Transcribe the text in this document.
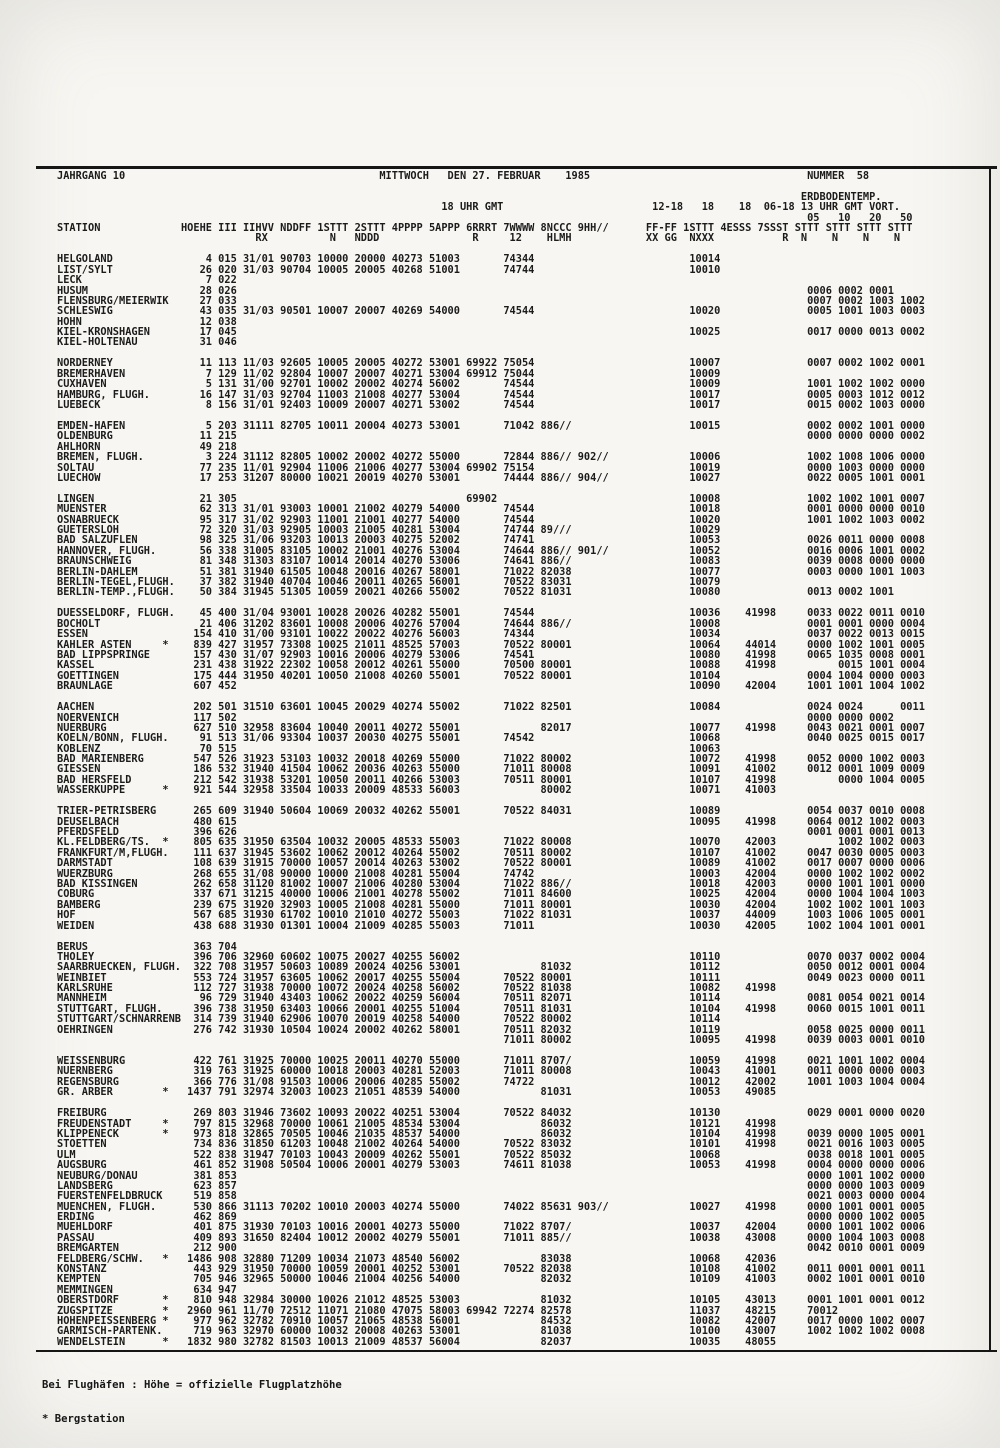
JAHRGANG 10                                         MITTWOCH   DEN 27. FEBRUAR    1985                                   NUMMER  58

ERDBODENTEMP.
18 UHR GMT                        12-18   18    18  06-18 13 UHR GMT VORT.
05   10   20   50
STATION             HOEHE III IIHVV NDDFF 1STTT 2STTT 4PPPP 5APPP 6RRRT 7WWWW 8NCCC 9HH//      FF-FF 1STTT 4ESSS 7SSST STTT STTT STTT STTT
RX          N   NDDD               R     12    HLMH            XX GG  NXXX           R  N    N    N    N
HELGOLAND               4 015 31/01 90703 10000 20000 40273 51003       74344                         10014
LIST/SYLT              26 020 31/03 90704 10005 20005 40268 51001       74744                         10010
LECK                    7 022
HUSUM                  28 026                                                                                            0006 0002 0001
FLENSBURG/MEIERWIK     27 033                                                                                            0007 0002 1003 1002
SCHLESWIG              43 035 31/03 90501 10007 20007 40269 54000       74544                         10020              0005 1001 1003 0003
HOHN                   12 038
KIEL-KRONSHAGEN        17 045                                                                         10025              0017 0000 0013 0002
KIEL-HOLTENAU          31 046
NORDERNEY              11 113 11/03 92605 10005 20005 40272 53001 69922 75054                         10007              0007 0002 1002 0001
BREMERHAVEN             7 129 11/02 92804 10007 20007 40271 53004 69912 75044                         10009
CUXHAVEN                5 131 31/00 92701 10002 20002 40274 56002       74544                         10009              1001 1002 1002 0000
HAMBURG, FLUGH.        16 147 31/03 92704 11003 21008 40277 53004       74544                         10017              0005 0003 1012 0012
LUEBECK                 8 156 31/01 92403 10009 20007 40271 53002       74544                         10017              0015 0002 1003 0000
EMDEN-HAFEN             5 203 31111 82705 10011 20004 40273 53001       71042 886//                   10015              0002 0002 1001 0000
OLDENBURG              11 215                                                                                            0000 0000 0000 0002
AHLHORN                49 218
BREMEN, FLUGH.          3 224 31112 82805 10002 20002 40272 55000       72844 886// 902//             10006              1002 1008 1006 0000
SOLTAU                 77 235 11/01 92904 11006 21006 40277 53004 69902 75154                         10019              0000 1003 0000 0000
LUECHOW                17 253 31207 80000 10021 20019 40270 53001       74444 886// 904//             10027              0022 0005 1001 0001
LINGEN                 21 305                                     69902                               10008              1002 1002 1001 0007
MUENSTER               62 313 31/01 93003 10001 21002 40279 54000       74544                         10018              0001 0000 0000 0010
OSNABRUECK             95 317 31/02 92903 11001 21001 40277 54000       74544                         10020              1001 1002 1003 0002
GUETERSLOH             72 320 31/03 92905 10003 21005 40281 53004       74744 89///                   10029
BAD SALZUFLEN          98 325 31/06 93203 10013 20003 40275 52002       74741                         10053              0026 0011 0000 0008
HANNOVER, FLUGH.       56 338 31005 83105 10002 21001 40276 53004       74644 886// 901//             10052              0016 0006 1001 0002
BRAUNSCHWEIG           81 348 31303 83107 10014 20014 40270 53006       74641 886//                   10083              0039 0008 0000 0000
BERLIN-DAHLEM          51 381 31940 61505 10048 20016 40267 58001       71022 82038                   10077              0003 0000 1001 1003
BERLIN-TEGEL,FLUGH.    37 382 31940 40704 10046 20011 40265 56001       70522 83031                   10079
BERLIN-TEMP.,FLUGH.    50 384 31945 51305 10059 20021 40266 55002       70522 81031                   10080              0013 0002 1001
DUESSELDORF, FLUGH.    45 400 31/04 93001 10028 20026 40282 55001       74544                         10036    41998     0033 0022 0011 0010
BOCHOLT                21 406 31202 83601 10008 20006 40276 57004       74644 886//                   10008              0001 0001 0000 0004
ESSEN                 154 410 31/00 93101 10022 20022 40276 56003       74344                         10034              0037 0022 0013 0015
KAHLER ASTEN     *    839 427 31957 73308 10025 21011 48525 57003       70522 80001                   10064    44014     0000 1002 1001 0005
BAD LIPPSPRINGE       157 430 31/07 92903 10016 20006 40279 53006       74541                         10080    41998     0065 1035 0008 0001
KASSEL                231 438 31922 22302 10058 20012 40261 55000       70500 80001                   10088    41998          0015 1001 0004
GOETTINGEN            175 444 31950 40201 10050 21008 40260 55001       70522 80001                   10104              0004 1004 0000 0003
BRAUNLAGE             607 452                                                                         10090    42004     1001 1001 1004 1002
AACHEN                202 501 31510 63601 10045 20029 40274 55002       71022 82501                   10084              0024 0024      0011
NOERVENICH            117 502                                                                                            0000 0000 0002
NUERBURG              627 510 32958 83604 10040 20011 40272 55001             82017                   10077    41998     0043 0021 0001 0007
KOELN/BONN, FLUGH.     91 513 31/06 93304 10037 20030 40275 55001       74542                         10068              0040 0025 0015 0017
KOBLENZ                70 515                                                                         10063
BAD MARIENBERG        547 526 31923 53103 10032 20018 40269 55000       71022 80002                   10072    41998     0052 0000 1002 0003
GIESSEN               186 532 31940 41504 10062 20036 40263 55000       71011 80008                   10091    41002     0012 0001 1009 0009
BAD HERSFELD          212 542 31938 53201 10050 20011 40266 53003       70511 80001                   10107    41998          0000 1004 0005
WASSERKUPPE      *    921 544 32958 33504 10033 20009 48533 56003             80002                   10071    41003
TRIER-PETRISBERG      265 609 31940 50604 10069 20032 40262 55001       70522 84031                   10089              0054 0037 0010 0008
DEUSELBACH            480 615                                                                         10095    41998     0064 0012 1002 0003
PFERDSFELD            396 626                                                                                            0001 0001 0001 0013
KL.FELDBERG/TS.  *    805 635 31950 63504 10032 20005 48533 55003       71022 80008                   10070    42003          1002 1002 0003
FRANKFURT/M,FLUGH.    111 637 31945 53602 10062 20012 40264 55002       70511 80002                   10107    41002     0047 0030 0005 0003
DARMSTADT             108 639 31915 70000 10057 20014 40263 53002       70522 80001                   10089    41002     0017 0007 0000 0006
WUERZBURG             268 655 31/08 90000 10000 21008 40281 55004       74742                         10003    42004     0000 1002 1002 0002
BAD KISSINGEN         262 658 31120 81002 10007 21006 40280 53004       71022 886//                   10018    42003     0000 1001 1001 0000
COBURG                337 671 31215 40000 10006 21001 40278 55002       71011 84600                   10025    42004     0000 1004 1004 1003
BAMBERG               239 675 31920 32903 10005 21008 40281 55000       71011 80001                   10030    42004     1002 1002 1001 1003
HOF                   567 685 31930 61702 10010 21010 40272 55003       71022 81031                   10037    44009     1003 1006 1005 0001
WEIDEN                438 688 31930 01301 10004 21009 40285 55003       71011                         10030    42005     1002 1004 1001 0001
BERUS                 363 704
THOLEY                396 706 32960 60602 10075 20027 40255 56002                                     10110              0070 0037 0002 0004
SAARBRUECKEN, FLUGH.  322 708 31957 50603 10089 20024 40256 53001             81032                   10112              0050 0012 0001 0004
WEINBIET              553 724 31957 63605 10062 20017 40255 55004       70522 80001                   10111              0049 0023 0000 0011
KARLSRUHE             112 727 31938 70000 10072 20024 40258 56002       70522 81038                   10082    41998
MANNHEIM               96 729 31940 43403 10062 20022 40259 56004       70511 82071                   10114              0081 0054 0021 0014
STUTTGART, FLUGH.     396 738 31950 63403 10066 20001 40255 51004       70511 81031                   10104    41998     0060 0015 1001 0011
STUTTGART/SCHNARRENB  314 739 31940 62906 10070 20019 40258 54000       70522 80002                   10114
OEHRINGEN             276 742 31930 10504 10024 20002 40262 58001       70511 82032                   10119              0058 0025 0000 0011
71011 80002                   10095    41998     0039 0003 0001 0010
WEISSENBURG           422 761 31925 70000 10025 20011 40270 55000       71011 8707/                   10059    41998     0021 1001 1002 0004
NUERNBERG             319 763 31925 60000 10018 20003 40281 52003       71011 80008                   10043    41001     0011 0000 0000 0003
REGENSBURG            366 776 31/08 91503 10006 20006 40285 55002       74722                         10012    42002     1001 1003 1004 0004
GR. ARBER        *   1437 791 32974 32003 10023 21051 48539 54000             81031                   10053    49085
FREIBURG              269 803 31946 73602 10093 20022 40251 53004       70522 84032                   10130              0029 0001 0000 0020
FREUDENSTADT     *    797 815 32968 70000 10061 21005 48534 53004             86032                   10121    41998
KLIPPENECK       *    973 818 32865 70505 10046 21035 48537 54000             86032                   10104    41998     0039 0000 1005 0001
STOETTEN              734 836 31850 61203 10048 21002 40264 54000       70522 83032                   10101    41998     0021 0016 1003 0005
ULM                   522 838 31947 70103 10043 20009 40262 55001       70522 85032                   10068              0038 0018 1001 0005
AUGSBURG              461 852 31908 50504 10006 20001 40279 53003       74611 81038                   10053    41998     0004 0000 0000 0006
NEUBURG/DONAU         381 853                                                                                            0000 1001 1002 0000
LANDSBERG             623 857                                                                                            0000 0000 1003 0009
FUERSTENFELDBRUCK     519 858                                                                                            0021 0003 0000 0004
MUENCHEN, FLUGH.      530 866 31113 70202 10010 20003 40274 55000       74022 85631 903//             10027    41998     0000 1001 0001 0005
ERDING                462 869                                                                                            0000 0000 1002 0005
MUEHLDORF             401 875 31930 70103 10016 20001 40273 55000       71022 8707/                   10037    42004     0000 1001 1002 0006
PASSAU                409 893 31650 82404 10012 20002 40279 55001       71011 885//                   10038    43008     0000 1004 1003 0008
BREMGARTEN            212 900                                                                                            0042 0010 0001 0009
FELDBERG/SCHW.   *   1486 908 32880 71209 10034 21073 48540 56002             83038                   10068    42036
KONSTANZ              443 929 31950 70000 10059 20001 40252 53001       70522 82038                   10108    41002     0011 0001 0001 0011
KEMPTEN               705 946 32965 50000 10046 21004 40256 54000             82032                   10109    41003     0002 1001 0001 0010
MEMMINGEN             634 947
OBERSTDORF       *    810 948 32984 30000 10026 21012 48525 53003             81032                   10105    43013     0001 1001 0001 0012
ZUGSPITZE        *   2960 961 11/70 72512 11071 21080 47075 58003 69942 72274 82578                   11037    48215     70012
HOHENPEISSENBERG *    977 962 32782 70910 10057 21065 48538 56001             84532                   10082    42007     0017 0000 1002 0007
GARMISCH-PARTENK.     719 963 32970 60000 10032 20008 40263 53001             81038                   10100    43007     1002 1002 1002 0008
WENDELSTEIN      *   1832 980 32782 81503 10013 21009 48537 56004             82037                   10035    48055

Bei Flughäfen : Höhe = offizielle Flugplatzhöhe

* Bergstation
